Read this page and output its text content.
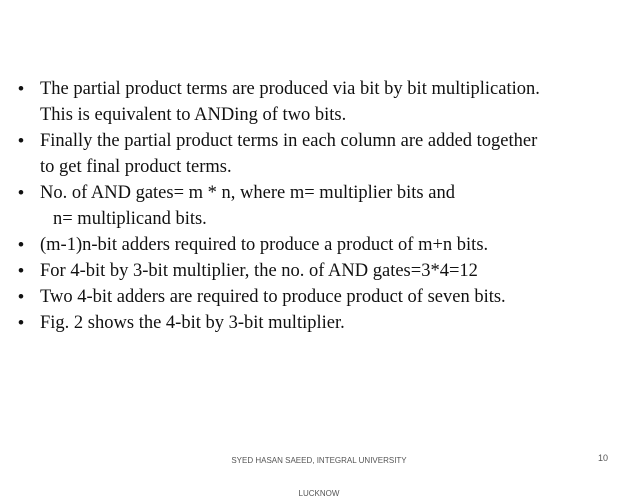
• The partial product terms are produced via bit by bit multiplication.
This is equivalent to ANDing of two bits.
• Finally the partial product terms in each column are added together
to get final product terms.
• No. of AND gates= m * n, where m= multiplier bits and
n= multiplicand bits.
• (m-1)n-bit adders required to produce a product of m+n bits.
• For 4-bit by 3-bit multiplier, the no. of AND gates=3*4=12
• Two 4-bit adders are required to produce product of seven bits.
• Fig. 2 shows the 4-bit by 3-bit multiplier.

SYED HASAN SAEED, INTEGRAL UNIVERSITY

LUCKNOW

10
